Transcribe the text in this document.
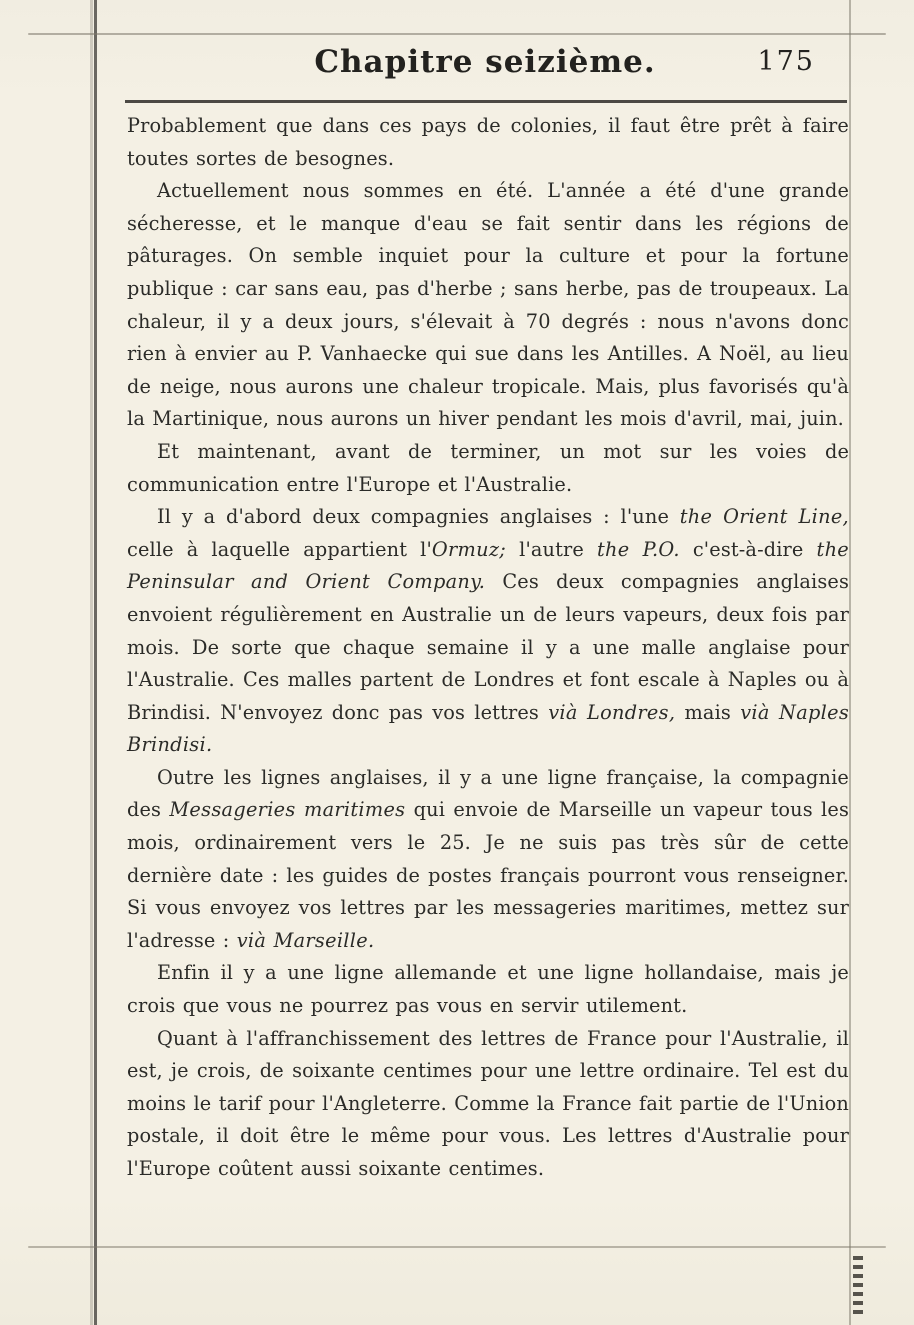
Chapitre seizième.	175

Probablement que dans ces pays de colonies, il faut être prêt à faire toutes sortes de besognes.

Actuellement nous sommes en été. L'année a été d'une grande sécheresse, et le manque d'eau se fait sentir dans les régions de pâturages. On semble inquiet pour la culture et pour la fortune publique : car sans eau, pas d'herbe ; sans herbe, pas de troupeaux. La chaleur, il y a deux jours, s'élevait à 70 degrés : nous n'avons donc rien à envier au P. Vanhaecke qui sue dans les Antilles. A Noël, au lieu de neige, nous aurons une chaleur tropicale. Mais, plus favorisés qu'à la Martinique, nous aurons un hiver pendant les mois d'avril, mai, juin.

Et maintenant, avant de terminer, un mot sur les voies de communication entre l'Europe et l'Australie.

Il y a d'abord deux compagnies anglaises : l'une the Orient Line, celle à laquelle appartient l'Ormuz; l'autre the P.O. c'est-à-dire the Peninsular and Orient Company. Ces deux compagnies anglaises envoient régulièrement en Australie un de leurs vapeurs, deux fois par mois. De sorte que chaque semaine il y a une malle anglaise pour l'Australie. Ces malles partent de Londres et font escale à Naples ou à Brindisi. N'envoyez donc pas vos lettres vià Londres, mais vià Naples Brindisi.

Outre les lignes anglaises, il y a une ligne française, la compagnie des Messageries maritimes qui envoie de Marseille un vapeur tous les mois, ordinairement vers le 25. Je ne suis pas très sûr de cette dernière date : les guides de postes français pourront vous renseigner. Si vous envoyez vos lettres par les messageries maritimes, mettez sur l'adresse : vià Marseille.

Enfin il y a une ligne allemande et une ligne hollandaise, mais je crois que vous ne pourrez pas vous en servir utilement.

Quant à l'affranchissement des lettres de France pour l'Australie, il est, je crois, de soixante centimes pour une lettre ordinaire. Tel est du moins le tarif pour l'Angleterre. Comme la France fait partie de l'Union postale, il doit être le même pour vous. Les lettres d'Australie pour l'Europe coûtent aussi soixante centimes.
